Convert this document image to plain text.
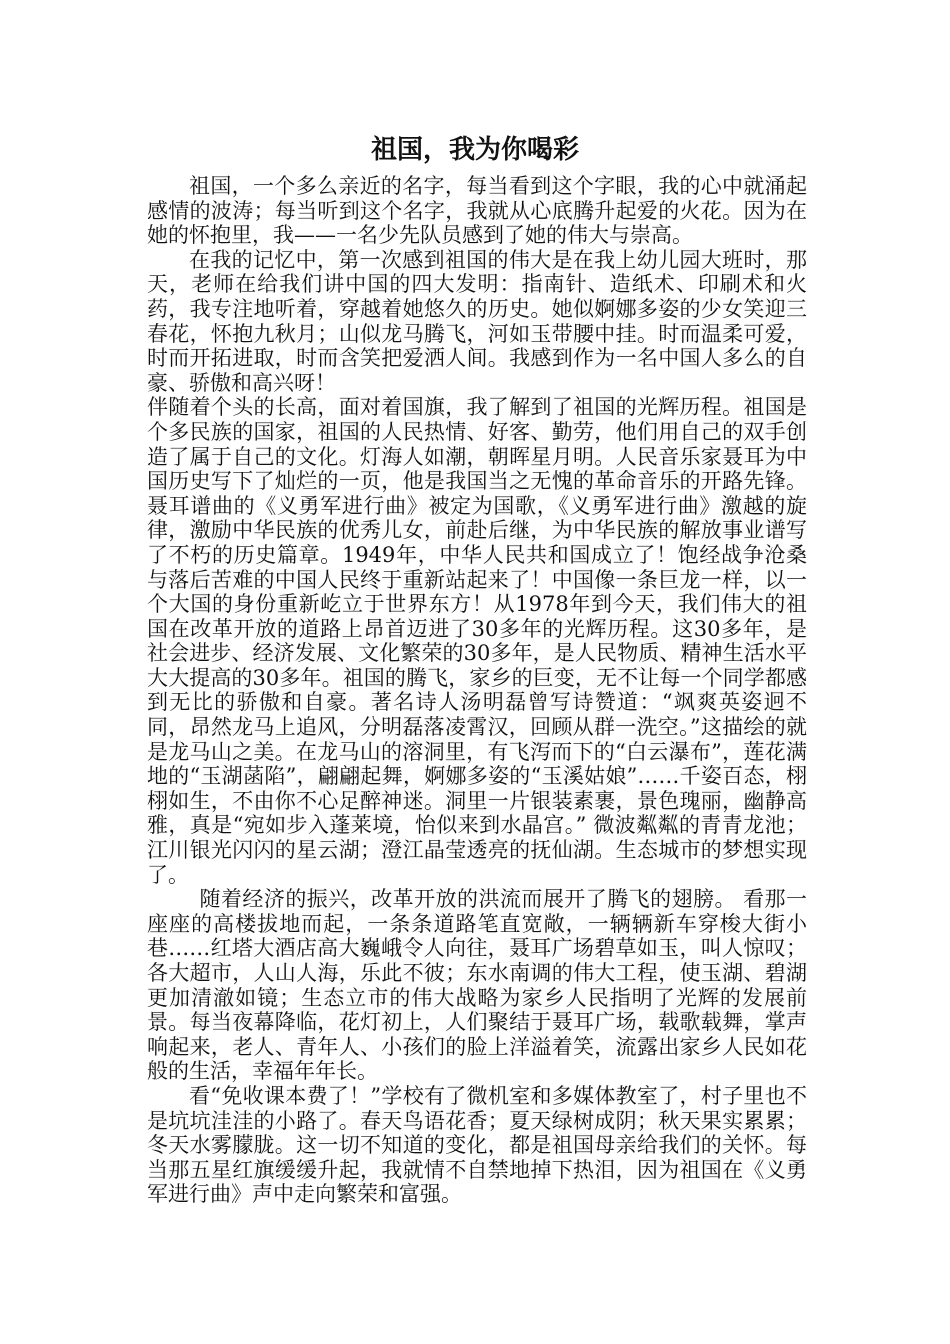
祖国，我为你喝彩

祖国，一个多么亲近的名字，每当看到这个字眼，我的心中就涌起感情的波涛；每当听到这个名字，我就从心底腾升起爱的火花。因为在她的怀抱里，我——一名少先队员感到了她的伟大与崇高。

在我的记忆中，第一次感到祖国的伟大是在我上幼儿园大班时，那天，老师在给我们讲中国的四大发明：指南针、造纸术、印刷术和火药，我专注地听着，穿越着她悠久的历史。她似婀娜多姿的少女笑迎三春花，怀抱九秋月；山似龙马腾飞，河如玉带腰中挂。时而温柔可爱，时而开拓进取，时而含笑把爱洒人间。我感到作为一名中国人多么的自豪、骄傲和高兴呀！

伴随着个头的长高，面对着国旗，我了解到了祖国的光辉历程。祖国是个多民族的国家，祖国的人民热情、好客、勤劳，他们用自己的双手创造了属于自己的文化。灯海人如潮，朝晖星月明。人民音乐家聂耳为中国历史写下了灿烂的一页，他是我国当之无愧的革命音乐的开路先锋。聂耳谱曲的《义勇军进行曲》被定为国歌，《义勇军进行曲》激越的旋律，激励中华民族的优秀儿女，前赴后继，为中华民族的解放事业谱写了不朽的历史篇章。1949年，中华人民共和国成立了！饱经战争沧桑与落后苦难的中国人民终于重新站起来了！中国像一条巨龙一样，以一个大国的身份重新屹立于世界东方！从1978年到今天，我们伟大的祖国在改革开放的道路上昂首迈进了30多年的光辉历程。这30多年，是社会进步、经济发展、文化繁荣的30多年，是人民物质、精神生活水平大大提高的30多年。祖国的腾飞，家乡的巨变，无不让每一个同学都感到无比的骄傲和自豪。著名诗人汤明磊曾写诗赞道：“飒爽英姿迥不同，昂然龙马上追风，分明磊落凌霄汉，回顾从群一洗空。”这描绘的就是龙马山之美。在龙马山的溶洞里，有飞泻而下的“白云瀑布”，莲花满地的“玉湖菡陷”，翩翩起舞，婀娜多姿的“玉溪姑娘”……千姿百态，栩栩如生，不由你不心足醉神迷。洞里一片银装素裹，景色瑰丽，幽静高雅，真是“宛如步入蓬莱境，怡似来到水晶宫。” 微波粼粼的青青龙池；江川银光闪闪的星云湖；澄江晶莹透亮的抚仙湖。生态城市的梦想实现了。

随着经济的振兴，改革开放的洪流而展开了腾飞的翅膀。 看那一座座的高楼拔地而起，一条条道路笔直宽敞，一辆辆新车穿梭大街小巷……红塔大酒店高大巍峨令人向往，聂耳广场碧草如玉，叫人惊叹；各大超市，人山人海，乐此不彼；东水南调的伟大工程，使玉湖、碧湖更加清澈如镜；生态立市的伟大战略为家乡人民指明了光辉的发展前景。每当夜幕降临，花灯初上，人们聚结于聂耳广场，载歌载舞，掌声响起来，老人、青年人、小孩们的脸上洋溢着笑，流露出家乡人民如花般的生活，幸福年年长。

看“免收课本费了！”学校有了微机室和多媒体教室了，村子里也不是坑坑洼洼的小路了。春天鸟语花香；夏天绿树成阴；秋天果实累累；冬天水雾朦胧。这一切不知道的变化，都是祖国母亲给我们的关怀。每当那五星红旗缓缓升起，我就情不自禁地掉下热泪，因为祖国在《义勇军进行曲》声中走向繁荣和富强。
